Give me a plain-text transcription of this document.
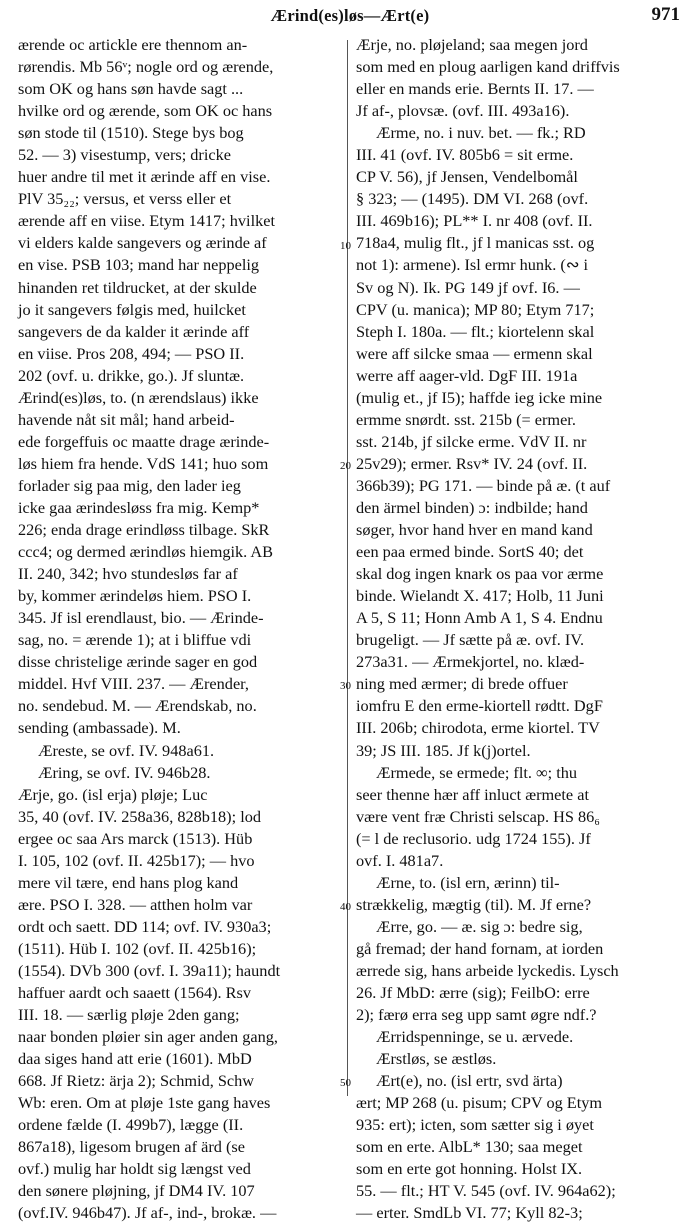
Ærind(es)løs—Ært(e)	971
ærende oc artickle ere thennom an-
rørendis. Mb 56ᵛ; nogle ord og ærende,
som OK og hans søn havde sagt ...
hvilke ord og ærende, som OK oc hans
søn stode til (1510). Stege bys bog
52. — 3) visestump, vers; dricke
huer andre til met it ærinde aff en vise.
PlV 35₂₂; versus, et verss eller et
ærende aff en viise. Etym 1417; hvilket
vi elders kalde sangevers og ærinde af
en vise. PSB 103; mand har neppelig
hinanden ret tildrucket, at der skulde
jo it sangevers følgis med, huilcket
sangevers de da kalder it ærinde aff
en viise. Pros 208, 494; — PSO II.
202 (ovf. u. drikke, go.). Jf sluntæ.
Ærind(es)løs, to. (n ærendslaus) ikke
havende nåt sit mål; hand arbeid-
ede forgeffuis oc maatte drage ærinde-
løs hiem fra hende. VdS 141; huo som
forlader sig paa mig, den lader ieg
icke gaa ærindesløss fra mig. Kemp*
226; enda drage erindløss tilbage. SkR
ccc4; og dermed ærindløs hiemgik. AB
II. 240, 342; hvo stundesløs far af
by, kommer ærindeløs hiem. PSO I.
345. Jf isl erendlaust, bio. — Ærinde-
sag, no. = ærende 1); at i bliffue vdi
disse christelige ærinde sager en god
middel. Hvf VIII. 237. — Ærender,
no. sendebud. M. — Ærendskab, no.
sending (ambassade). M.
Æreste, se ovf. IV. 948a61.
Æring, se ovf. IV. 946b28.
Ærje, go. (isl erja) pløje; Luc
35, 40 (ovf. IV. 258a36, 828b18); lod
ergee oc saa Ars marck (1513). Hüb
I. 105, 102 (ovf. II. 425b17); — hvo
mere vil tære, end hans plog kand
ære. PSO I. 328. — atthen holm var
ordt och saett. DD 114; ovf. IV. 930a3;
(1511). Hüb I. 102 (ovf. II. 425b16);
(1554). DVb 300 (ovf. I. 39a11); haundt
haffuer aardt och saaett (1564). Rsv
III. 18. — særlig pløje 2den gang;
naar bonden pløier sin ager anden gang,
daa siges hand att erie (1601). MbD
668. Jf Rietz: ärja 2); Schmid, Schw
Wb: eren. Om at pløje 1ste gang haves
ordene fælde (I. 499b7), lægge (II.
867a18), ligesom brugen af ärd (se
ovf.) mulig har holdt sig længst ved
den sønere pløjning, jf DM4 IV. 107
(ovf.IV. 946b47). Jf af-, ind-, brokæ. —
Ærje, no. pløjeland; saa megen jord
som med en ploug aarligen kand driffvis
eller en mands erie. Bernts II. 17. —
Jf af-, plovsæ. (ovf. III. 493a16).
Ærme, no. i nuv. bet. — fk.; RD
III. 41 (ovf. IV. 805b6 = sit erme.
CP V. 56), jf Jensen, Vendelbomål
§ 323; — (1495). DM VI. 268 (ovf.
III. 469b16); PL** I. nr 408 (ovf. II.
718a4, mulig flt., jf l manicas sst. og
not 1): armene). Isl ermr hunk. (∾ i
Sv og N). Ik. PG 149 jf ovf. I6. —
CPV (u. manica); MP 80; Etym 717;
Steph I. 180a. — flt.; kiortelenn skal
were aff silcke smaa — ermenn skal
werre aff aager-vld. DgF III. 191a
(mulig et., jf I5); haffde ieg icke mine
ermme snørdt. sst. 215b (= ermer.
sst. 214b, jf silcke erme. VdV II. nr
25v29); ermer. Rsv* IV. 24 (ovf. II.
366b39); PG 171. — binde på æ. (t auf
den ärmel binden) ɔ: indbilde; hand
søger, hvor hand hver en mand kand
een paa ermed binde. SortS 40; det
skal dog ingen knark os paa vor ærme
binde. Wielandt X. 417; Holb, 11 Juni
A 5, S 11; Honn Amb A 1, S 4. Endnu
brugeligt. — Jf sætte på æ. ovf. IV.
273a31. — Ærmekjortel, no. klæd-
ning med ærmer; di brede offuer
iomfru E den erme-kiortell rødtt. DgF
III. 206b; chirodota, erme kiortel. TV
39; JS III. 185. Jf k(j)ortel.
Ærmede, se ermede; flt. ∞; thu
seer thenne hær aff inluct ærmete at
være vent fræ Christi selscap. HS 86₆
(= l de reclusorio. udg 1724 155). Jf
ovf. I. 481a7.
Ærne, to. (isl ern, ærinn) til-
strækkelig, mægtig (til). M. Jf erne?
Ærre, go. — æ. sig ɔ: bedre sig,
gå fremad; der hand fornam, at iorden
ærrede sig, hans arbeide lyckedis. Lysch
26. Jf MbD: ærre (sig); FeilbO: erre
2); færø erra seg upp samt øgre ndf.?
Ærridspenninge, se u. ærvede.
Ærstløs, se æstløs.
Ært(e), no. (isl ertr, svd ärta)
ært; MP 268 (u. pisum; CPV og Etym
935: ert); icten, som sætter sig i øyet
som en erte. AlbL* 130; saa meget
som en erte got honning. Holst IX.
55. — flt.; HT V. 545 (ovf. IV. 964a62);
— erter. SmdLb VI. 77; Kyll 82-3;
10
20
30
40
50
